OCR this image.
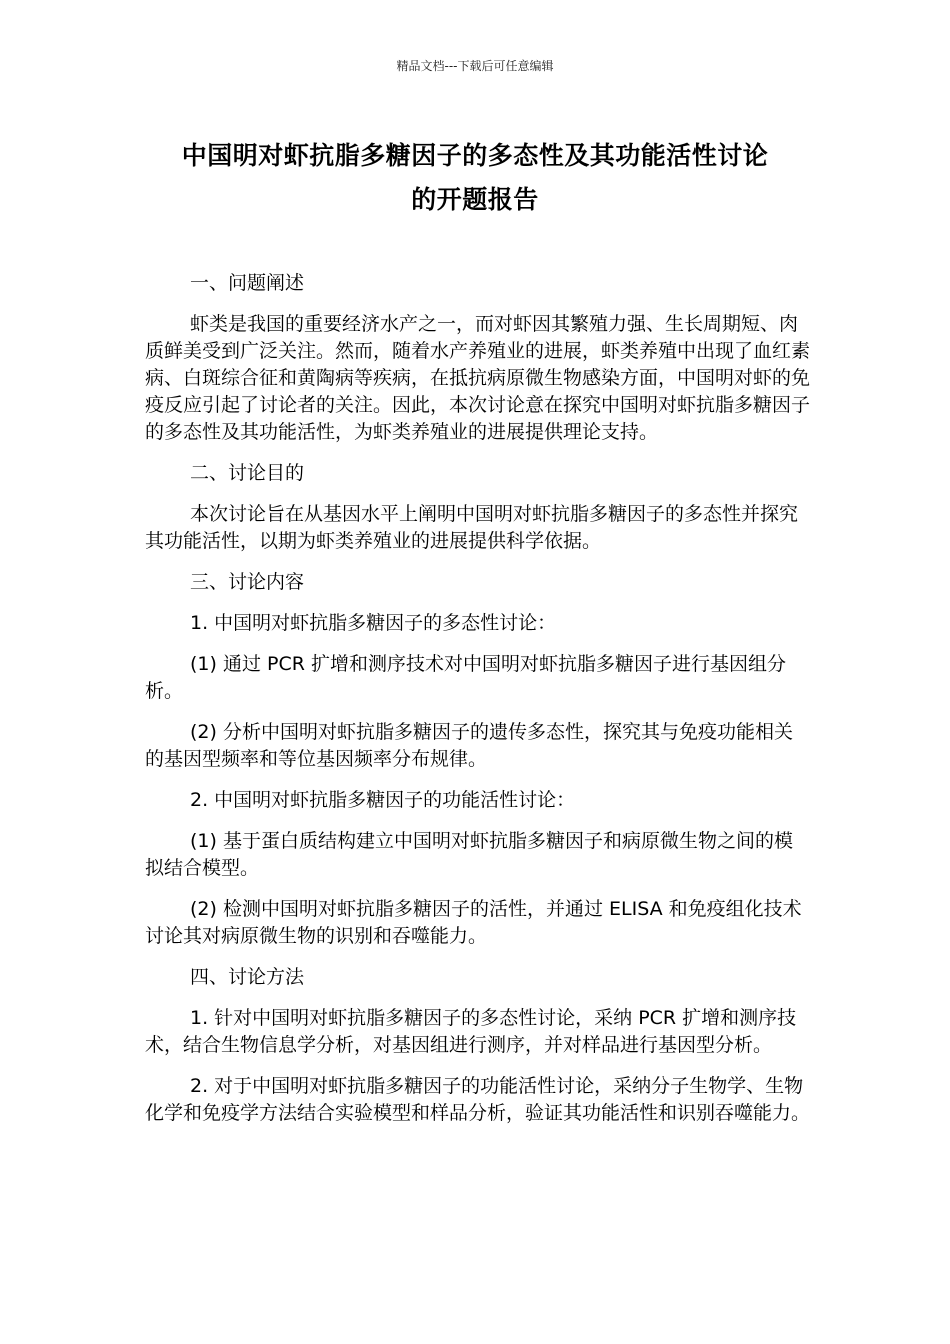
精品文档---下载后可任意编辑
中国明对虾抗脂多糖因子的多态性及其功能活性讨论
的开题报告

一、问题阐述

虾类是我国的重要经济水产之一，而对虾因其繁殖力强、生长周期短、肉质鲜美受到广泛关注。然而，随着水产养殖业的进展，虾类养殖中出现了血红素病、白斑综合征和黄陶病等疾病，在抵抗病原微生物感染方面，中国明对虾的免疫反应引起了讨论者的关注。因此，本次讨论意在探究中国明对虾抗脂多糖因子的多态性及其功能活性，为虾类养殖业的进展提供理论支持。

二、讨论目的

本次讨论旨在从基因水平上阐明中国明对虾抗脂多糖因子的多态性并探究其功能活性，以期为虾类养殖业的进展提供科学依据。

三、讨论内容

1. 中国明对虾抗脂多糖因子的多态性讨论：

(1) 通过 PCR 扩增和测序技术对中国明对虾抗脂多糖因子进行基因组分析。

(2) 分析中国明对虾抗脂多糖因子的遗传多态性，探究其与免疫功能相关的基因型频率和等位基因频率分布规律。

2. 中国明对虾抗脂多糖因子的功能活性讨论：

(1) 基于蛋白质结构建立中国明对虾抗脂多糖因子和病原微生物之间的模拟结合模型。

(2) 检测中国明对虾抗脂多糖因子的活性，并通过 ELISA 和免疫组化技术讨论其对病原微生物的识别和吞噬能力。

四、讨论方法

1. 针对中国明对虾抗脂多糖因子的多态性讨论，采纳 PCR 扩增和测序技术，结合生物信息学分析，对基因组进行测序，并对样品进行基因型分析。

2. 对于中国明对虾抗脂多糖因子的功能活性讨论，采纳分子生物学、生物化学和免疫学方法结合实验模型和样品分析，验证其功能活性和识别吞噬能力。
